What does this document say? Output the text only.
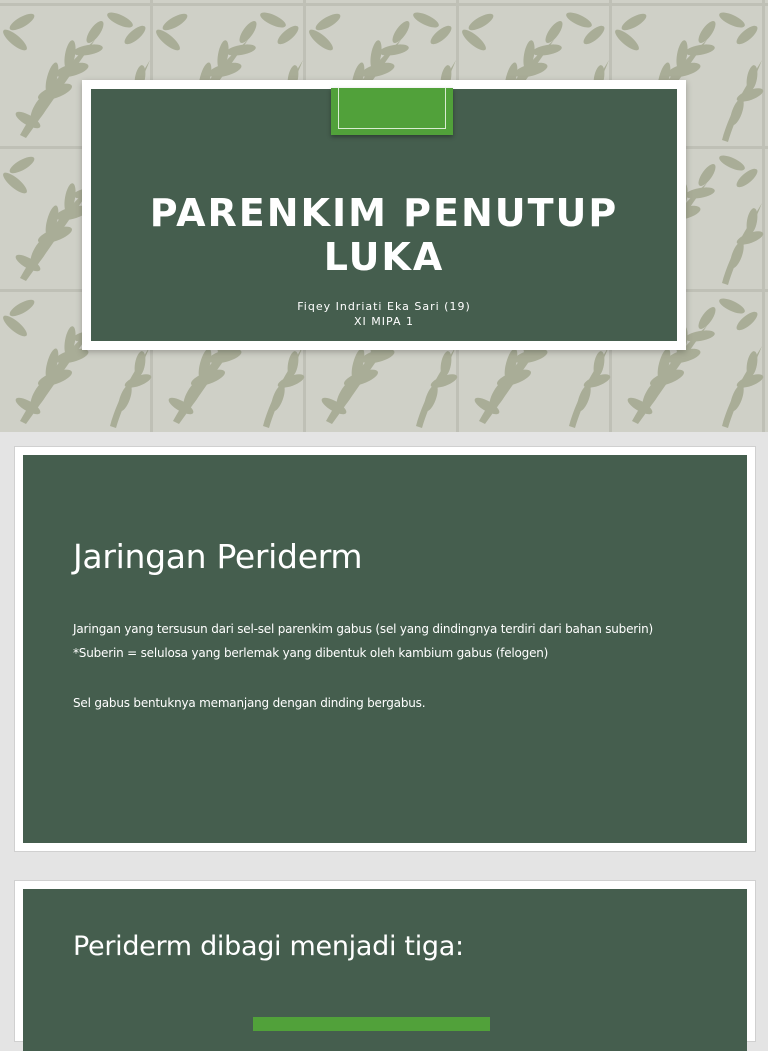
PARENKIM PENUTUP LUKA
Fiqey Indriati Eka Sari (19)
XI MIPA 1
Jaringan Periderm
Jaringan yang tersusun dari sel-sel parenkim gabus (sel yang dindingnya terdiri dari bahan suberin)
*Suberin = selulosa yang berlemak yang dibentuk oleh kambium gabus (felogen)
Sel gabus bentuknya memanjang dengan dinding bergabus.
Periderm dibagi menjadi tiga:
